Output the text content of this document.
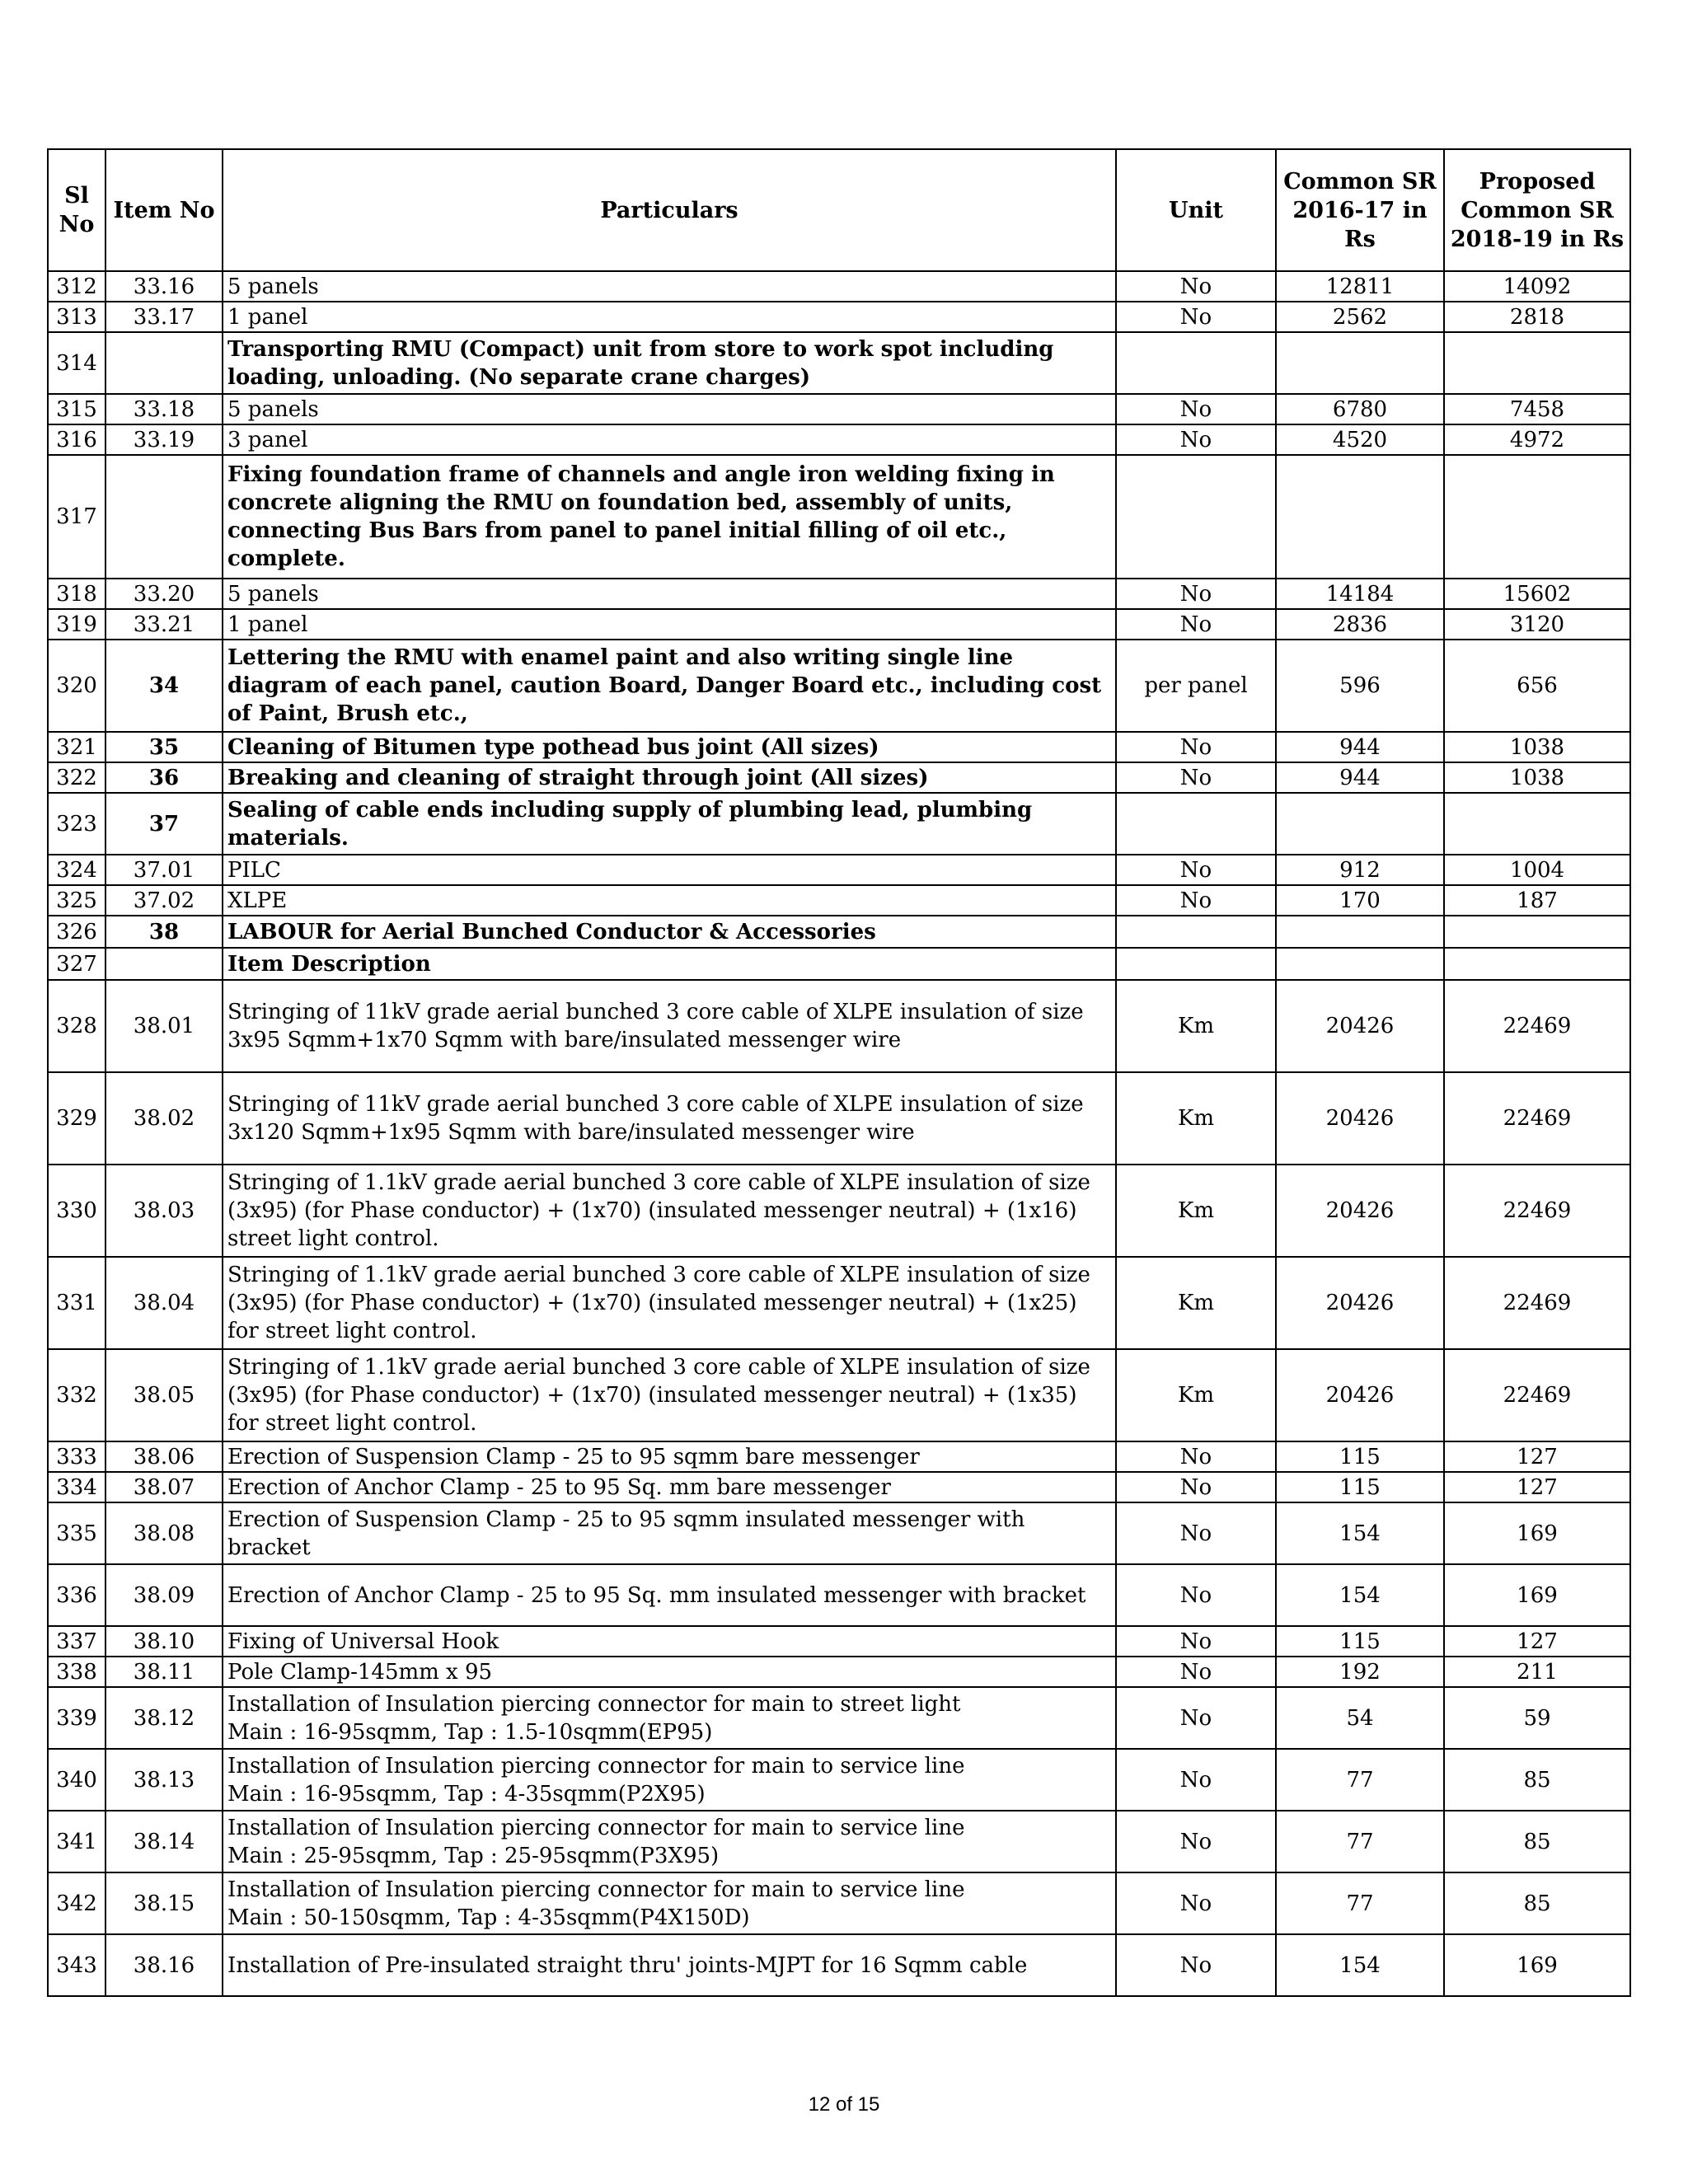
Sl No	Item No	Particulars	Unit	Common SR 2016-17 in Rs	Proposed Common SR 2018-19 in Rs
312	33.16	5 panels	No	12811	14092
313	33.17	1 panel	No	2562	2818
314		Transporting RMU (Compact) unit from store to work spot including loading, unloading. (No separate crane charges)			
315	33.18	5 panels	No	6780	7458
316	33.19	3 panel	No	4520	4972
317		Fixing foundation frame of channels and angle iron welding fixing in concrete aligning the RMU on foundation bed, assembly of units, connecting Bus Bars from panel to panel initial filling of oil etc., complete.			
318	33.20	5 panels	No	14184	15602
319	33.21	1 panel	No	2836	3120
320	34	Lettering the RMU with enamel paint and also writing single line diagram of each panel, caution Board, Danger Board etc., including cost of Paint, Brush etc.,	per panel	596	656
321	35	Cleaning of Bitumen type pothead bus joint (All sizes)	No	944	1038
322	36	Breaking and cleaning of straight through joint (All sizes)	No	944	1038
323	37	Sealing of cable ends including supply of plumbing lead, plumbing materials.			
324	37.01	PILC	No	912	1004
325	37.02	XLPE	No	170	187
326	38	LABOUR for Aerial Bunched Conductor & Accessories			
327		Item Description			
328	38.01	Stringing of 11kV grade aerial bunched 3 core cable of XLPE insulation of size 3x95 Sqmm+1x70 Sqmm with bare/insulated messenger wire	Km	20426	22469
329	38.02	Stringing of 11kV grade aerial bunched 3 core cable of XLPE insulation of size 3x120 Sqmm+1x95 Sqmm with bare/insulated messenger wire	Km	20426	22469
330	38.03	Stringing of 1.1kV grade aerial bunched 3 core cable of XLPE insulation of size (3x95) (for Phase conductor) + (1x70) (insulated messenger neutral) + (1x16) street light control.	Km	20426	22469
331	38.04	Stringing of 1.1kV grade aerial bunched 3 core cable of XLPE insulation of size (3x95) (for Phase conductor) + (1x70) (insulated messenger neutral) + (1x25) for street light control.	Km	20426	22469
332	38.05	Stringing of 1.1kV grade aerial bunched 3 core cable of XLPE insulation of size (3x95) (for Phase conductor) + (1x70) (insulated messenger neutral) + (1x35) for street light control.	Km	20426	22469
333	38.06	Erection of Suspension Clamp - 25 to 95 sqmm bare messenger	No	115	127
334	38.07	Erection of Anchor Clamp - 25 to 95 Sq. mm bare messenger	No	115	127
335	38.08	Erection of Suspension Clamp - 25 to 95 sqmm insulated messenger with bracket	No	154	169
336	38.09	Erection of Anchor Clamp - 25 to 95 Sq. mm insulated messenger with bracket	No	154	169
337	38.10	Fixing of Universal Hook	No	115	127
338	38.11	Pole Clamp-145mm x 95	No	192	211
339	38.12	Installation of Insulation piercing connector for main to street light
Main : 16-95sqmm, Tap : 1.5-10sqmm(EP95)	No	54	59
340	38.13	Installation of Insulation piercing connector for main to service line
Main : 16-95sqmm, Tap : 4-35sqmm(P2X95)	No	77	85
341	38.14	Installation of Insulation piercing connector for main to service line
Main : 25-95sqmm, Tap : 25-95sqmm(P3X95)	No	77	85
342	38.15	Installation of Insulation piercing connector for main to service line
Main : 50-150sqmm, Tap : 4-35sqmm(P4X150D)	No	77	85
343	38.16	Installation of Pre-insulated straight thru' joints-MJPT for 16 Sqmm cable	No	154	169
12 of 15
